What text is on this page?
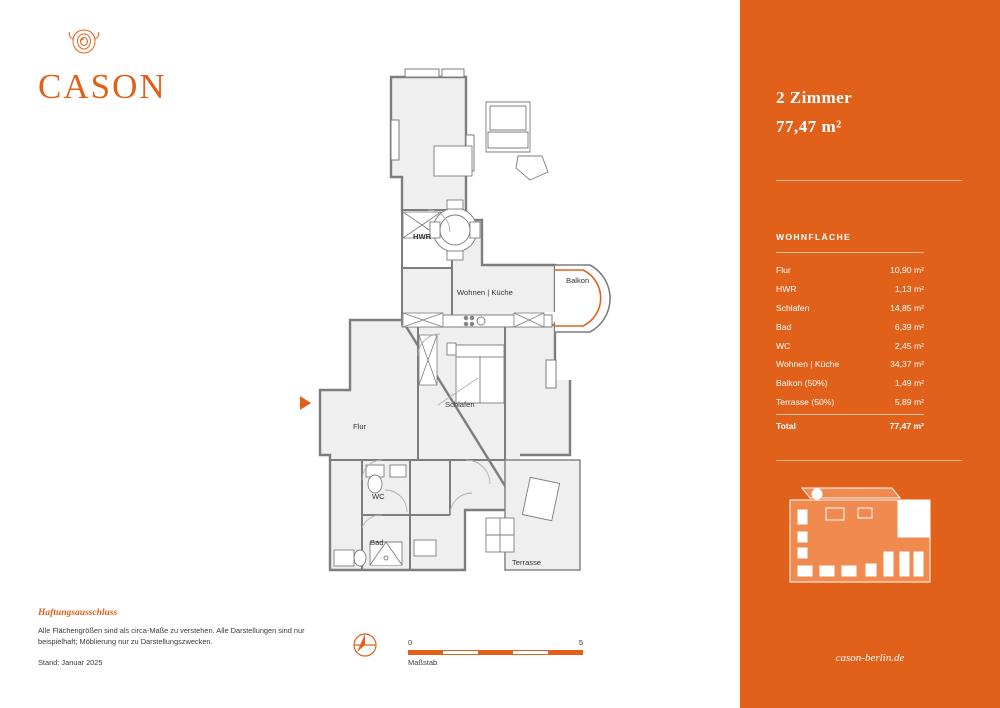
CASON
HWR
Wohnen | Küche
Balkon
Schlafen
Flur
WC
Bad
Terrasse
Haftungsausschluss
Alle Flächengrößen sind als circa-Maße zu verstehen. Alle Darstellungen sind nur beispielhaft; Möblierung nur zu Darstellungszwecken.
Stand: Januar 2025
0	5
Maßstab
2 Zimmer
77,47 m²
WOHNFLÄCHE
Flur	10,90 m²
HWR	1,13 m²
Schlafen	14,85 m²
Bad	6,39 m²
WC	2,45 m²
Wohnen | Küche	34,37 m²
Balkon (50%)	1,49 m²
Terrasse (50%)	5,89 m²
Total	77,47 m²
cason-berlin.de
